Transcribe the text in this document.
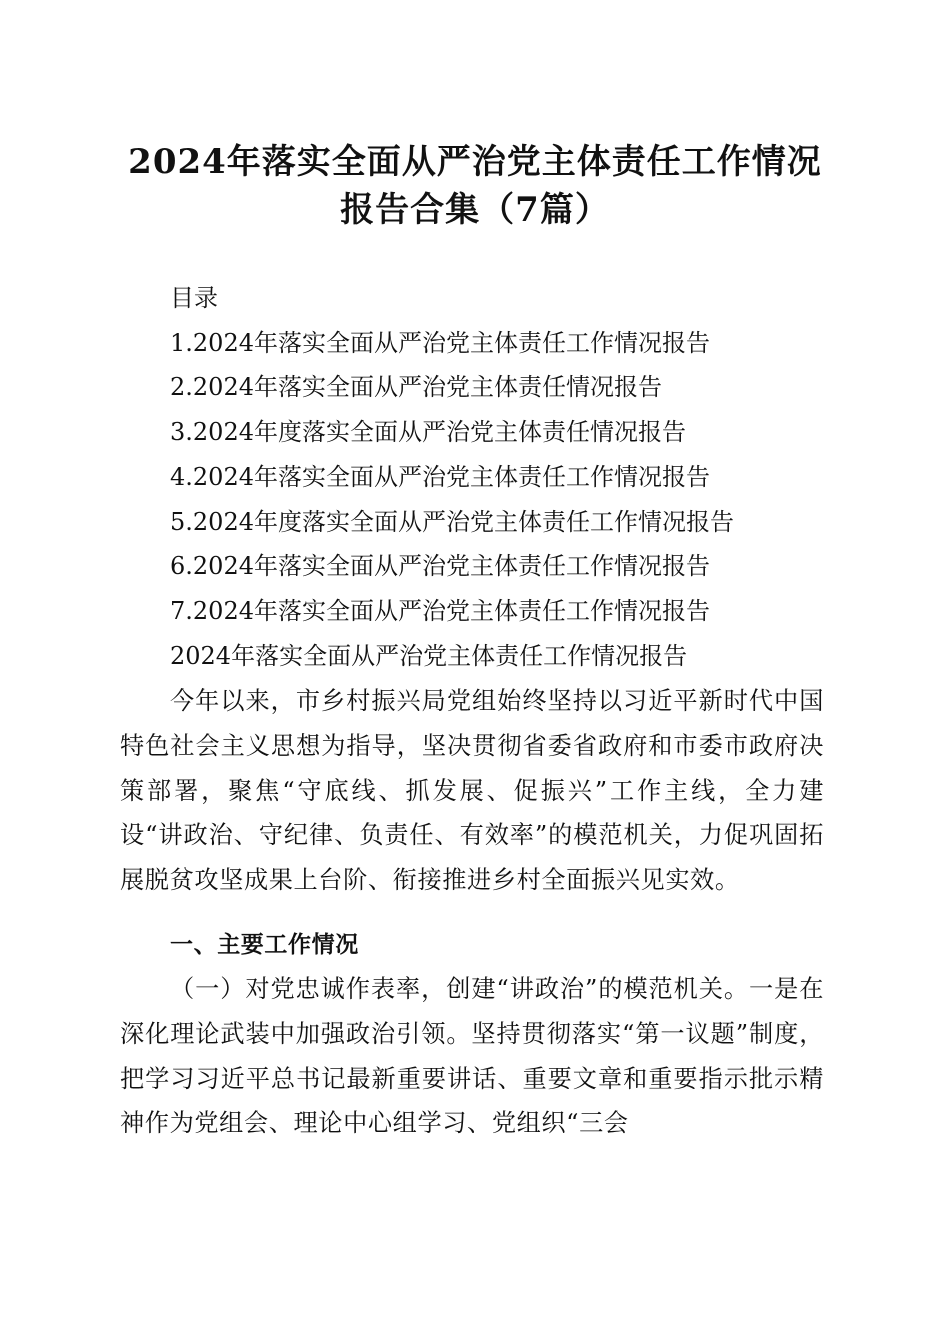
2024年落实全面从严治党主体责任工作情况
报告合集（7篇）
目录
1.2024年落实全面从严治党主体责任工作情况报告
2.2024年落实全面从严治党主体责任情况报告
3.2024年度落实全面从严治党主体责任情况报告
4.2024年落实全面从严治党主体责任工作情况报告
5.2024年度落实全面从严治党主体责任工作情况报告
6.2024年落实全面从严治党主体责任工作情况报告
7.2024年落实全面从严治党主体责任工作情况报告
2024年落实全面从严治党主体责任工作情况报告

今年以来，市乡村振兴局党组始终坚持以习近平新时代中国特色社会主义思想为指导，坚决贯彻省委省政府和市委市政府决策部署，聚焦“守底线、抓发展、促振兴”工作主线，全力建设“讲政治、守纪律、负责任、有效率”的模范机关，力促巩固拓展脱贫攻坚成果上台阶、衔接推进乡村全面振兴见实效。

一、主要工作情况

（一）对党忠诚作表率，创建“讲政治”的模范机关。一是在深化理论武装中加强政治引领。坚持贯彻落实“第一议题”制度，把学习习近平总书记最新重要讲话、重要文章和重要指示批示精神作为党组会、理论中心组学习、党组织“三会
